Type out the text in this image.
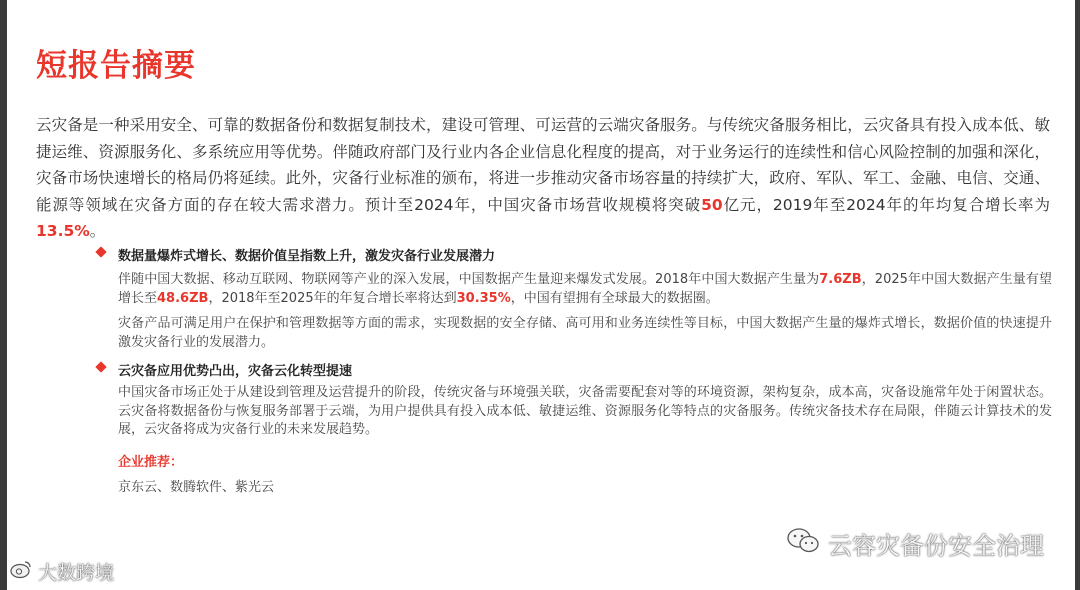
短报告摘要
云灾备是一种采用安全、可靠的数据备份和数据复制技术，建设可管理、可运营的云端灾备服务。与传统灾备服务相比，云灾备具有投入成本低、敏捷运维、资源服务化、多系统应用等优势。伴随政府部门及行业内各企业信息化程度的提高，对于业务运行的连续性和信心风险控制的加强和深化，灾备市场快速增长的格局仍将延续。此外，灾备行业标准的颁布，将进一步推动灾备市场容量的持续扩大，政府、军队、军工、金融、电信、交通、能源等领域在灾备方面的存在较大需求潜力。预计至2024年，中国灾备市场营收规模将突破50亿元，2019年至2024年的年均复合增长率为13.5%。
数据量爆炸式增长、数据价值呈指数上升，激发灾备行业发展潜力
伴随中国大数据、移动互联网、物联网等产业的深入发展，中国数据产生量迎来爆发式发展。2018年中国大数据产生量为7.6ZB，2025年中国大数据产生量有望增长至48.6ZB，2018年至2025年的年复合增长率将达到30.35%，中国有望拥有全球最大的数据圈。
灾备产品可满足用户在保护和管理数据等方面的需求，实现数据的安全存储、高可用和业务连续性等目标，中国大数据产生量的爆炸式增长，数据价值的快速提升激发灾备行业的发展潜力。
云灾备应用优势凸出，灾备云化转型提速
中国灾备市场正处于从建设到管理及运营提升的阶段，传统灾备与环境强关联，灾备需要配套对等的环境资源，架构复杂，成本高，灾备设施常年处于闲置状态。云灾备将数据备份与恢复服务部署于云端，为用户提供具有投入成本低、敏捷运维、资源服务化等特点的灾备服务。传统灾备技术存在局限，伴随云计算技术的发展，云灾备将成为灾备行业的未来发展趋势。
企业推荐：
京东云、数腾软件、紫光云
大数跨境
云容灾备份安全治理
